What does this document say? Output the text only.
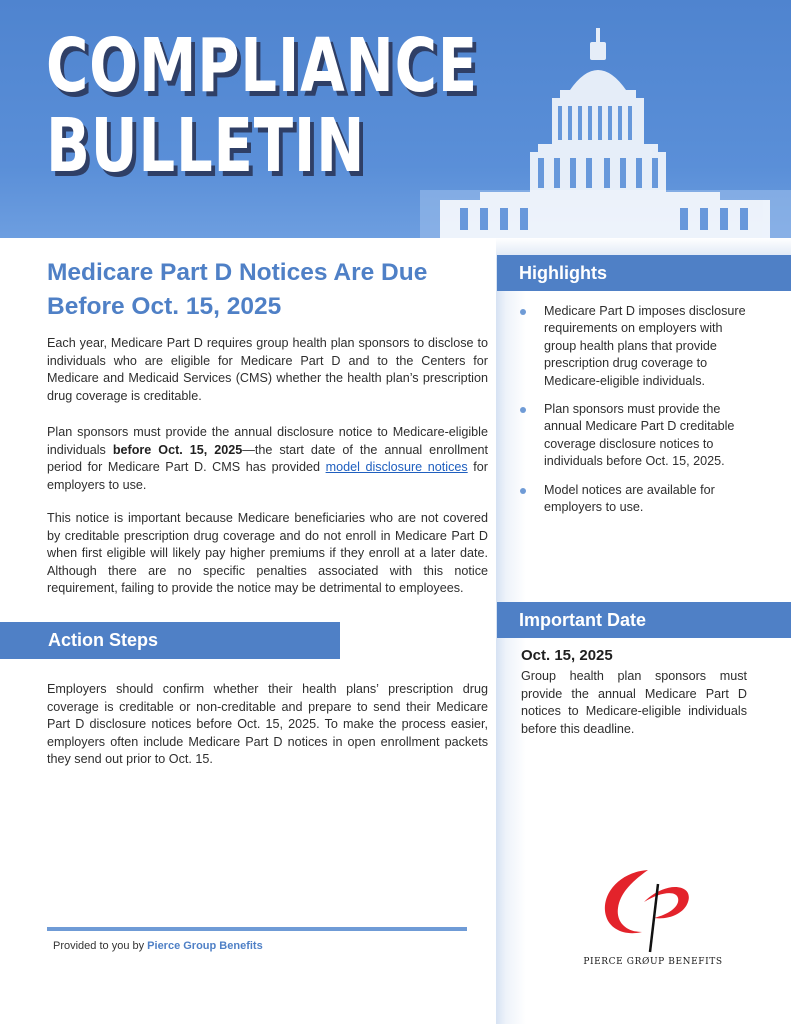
COMPLIANCE
BULLETIN
Highlights
Medicare Part D imposes disclosure requirements on employers with group health plans that provide prescription drug coverage to Medicare-eligible individuals.
Plan sponsors must provide the annual Medicare Part D creditable coverage disclosure notices to individuals before Oct. 15, 2025.
Model notices are available for employers to use.
Important Date

Oct. 15, 2025

Group health plan sponsors must provide the annual Medicare Part D notices to Medicare-eligible individuals before this deadline.

Medicare Part D Notices Are Due Before Oct. 15, 2025

Each year, Medicare Part D requires group health plan sponsors to disclose to individuals who are eligible for Medicare Part D and to the Centers for Medicare and Medicaid Services (CMS) whether the health plan’s prescription drug coverage is creditable.

Plan sponsors must provide the annual disclosure notice to Medicare-eligible individuals before Oct. 15, 2025—the start date of the annual enrollment period for Medicare Part D. CMS has provided model disclosure notices for employers to use.

This notice is important because Medicare beneficiaries who are not covered by creditable prescription drug coverage and do not enroll in Medicare Part D when first eligible will likely pay higher premiums if they enroll at a later date. Although there are no specific penalties associated with this notice requirement, failing to provide the notice may be detrimental to employees.

Action Steps

Employers should confirm whether their health plans’ prescription drug coverage is creditable or non-creditable and prepare to send their Medicare Part D disclosure notices before Oct. 15, 2025. To make the process easier, employers often include Medicare Part D notices in open enrollment packets they send out prior to Oct. 15.

Provided to you by Pierce Group Benefits

PIERCE GRØUP BENEFITS
